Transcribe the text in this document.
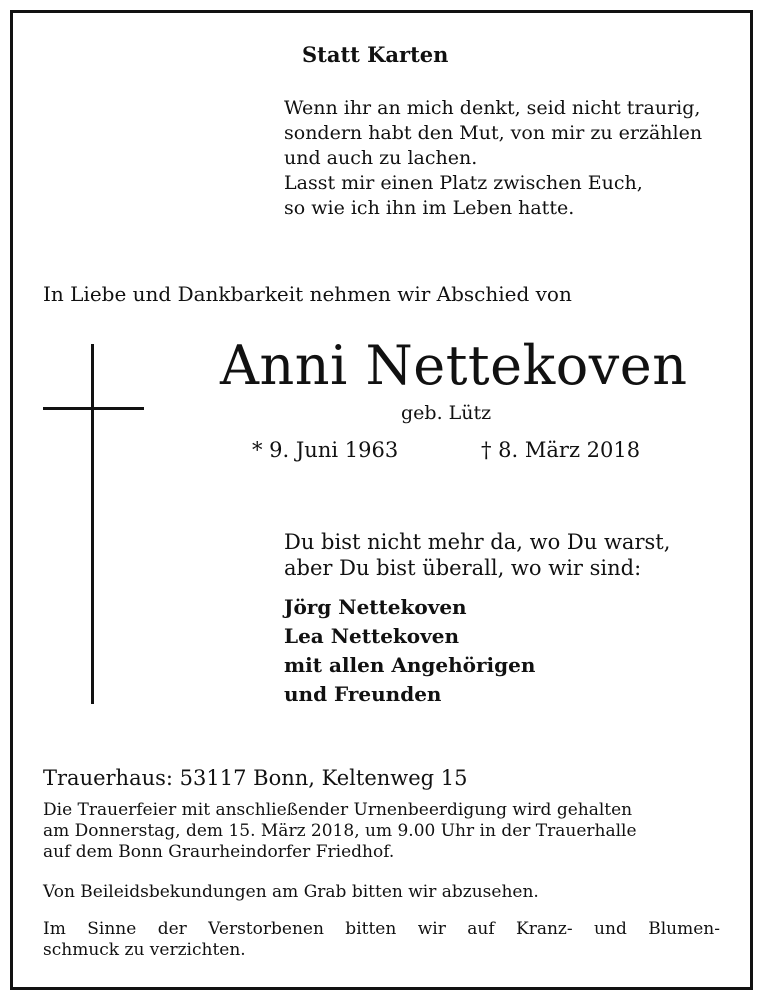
Statt Karten
Wenn ihr an mich denkt, seid nicht traurig,
sondern habt den Mut, von mir zu erzählen
und auch zu lachen.
Lasst mir einen Platz zwischen Euch,
so wie ich ihn im Leben hatte.
In Liebe und Dankbarkeit nehmen wir Abschied von
Anni Nettekoven
geb. Lütz
* 9. Juni 1963	† 8. März 2018
Du bist nicht mehr da, wo Du warst,
aber Du bist überall, wo wir sind:
Jörg Nettekoven
Lea Nettekoven
mit allen Angehörigen
und Freunden
Trauerhaus: 53117 Bonn, Keltenweg 15
Die Trauerfeier mit anschließender Urnenbeerdigung wird gehalten
am Donnerstag, dem 15. März 2018, um 9.00 Uhr in der Trauerhalle
auf dem Bonn Graurheindorfer Friedhof.
Von Beileidsbekundungen am Grab bitten wir abzusehen.
Im Sinne der Verstorbenen bitten wir auf Kranz- und Blumen-
schmuck zu verzichten.
